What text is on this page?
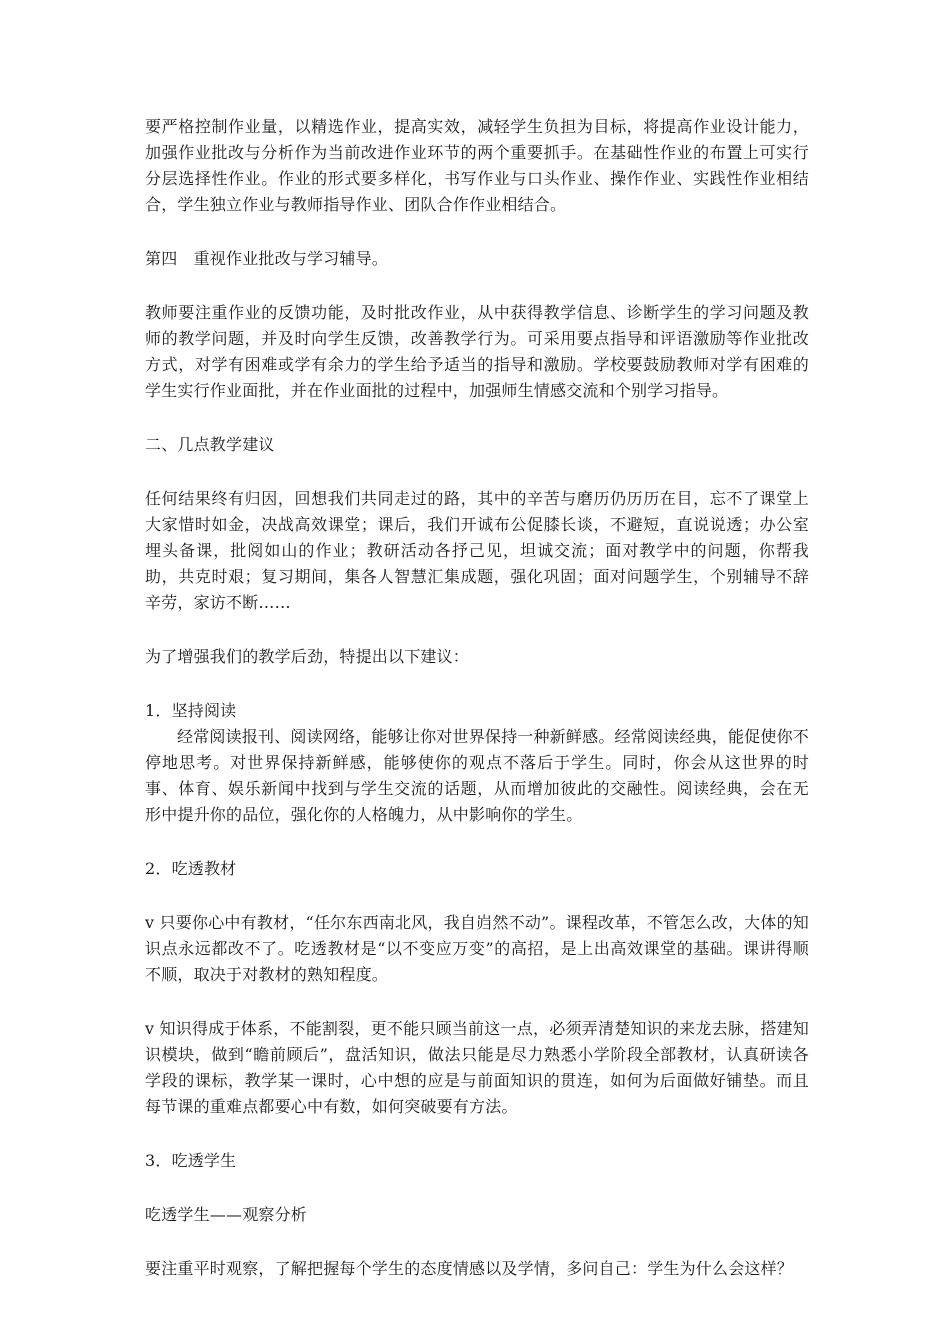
要严格控制作业量，以精选作业，提高实效，减轻学生负担为目标，将提高作业设计能力，加强作业批改与分析作为当前改进作业环节的两个重要抓手。在基础性作业的布置上可实行分层选择性作业。作业的形式要多样化，书写作业与口头作业、操作作业、实践性作业相结合，学生独立作业与教师指导作业、团队合作作业相结合。

第四　重视作业批改与学习辅导。

教师要注重作业的反馈功能，及时批改作业，从中获得教学信息、诊断学生的学习问题及教师的教学问题，并及时向学生反馈，改善教学行为。可采用要点指导和评语激励等作业批改方式，对学有困难或学有余力的学生给予适当的指导和激励。学校要鼓励教师对学有困难的学生实行作业面批，并在作业面批的过程中，加强师生情感交流和个别学习指导。

二、几点教学建议

任何结果终有归因，回想我们共同走过的路，其中的辛苦与磨历仍历历在目，忘不了课堂上大家惜时如金，决战高效课堂；课后，我们开诚布公促膝长谈，不避短，直说说透；办公室埋头备课，批阅如山的作业；教研活动各抒己见，坦诚交流；面对教学中的问题，你帮我助，共克时艰；复习期间，集各人智慧汇集成题，强化巩固；面对问题学生，个别辅导不辞辛劳，家访不断……

为了增强我们的教学后劲，特提出以下建议：

1．坚持阅读

经常阅读报刊、阅读网络，能够让你对世界保持一种新鲜感。经常阅读经典，能促使你不停地思考。对世界保持新鲜感，能够使你的观点不落后于学生。同时，你会从这世界的时事、体育、娱乐新闻中找到与学生交流的话题，从而增加彼此的交融性。阅读经典，会在无形中提升你的品位，强化你的人格魄力，从中影响你的学生。

2．吃透教材

v 只要你心中有教材，“任尔东西南北风，我自岿然不动”。课程改革，不管怎么改，大体的知识点永远都改不了。吃透教材是“以不变应万变”的高招，是上出高效课堂的基础。课讲得顺不顺，取决于对教材的熟知程度。

v 知识得成于体系，不能割裂，更不能只顾当前这一点，必须弄清楚知识的来龙去脉，搭建知识模块，做到“瞻前顾后”，盘活知识，做法只能是尽力熟悉小学阶段全部教材，认真研读各学段的课标，教学某一课时，心中想的应是与前面知识的贯连，如何为后面做好铺垫。而且每节课的重难点都要心中有数，如何突破要有方法。

3．吃透学生

吃透学生——观察分析

要注重平时观察，了解把握每个学生的态度情感以及学情，多问自己：学生为什么会这样？
